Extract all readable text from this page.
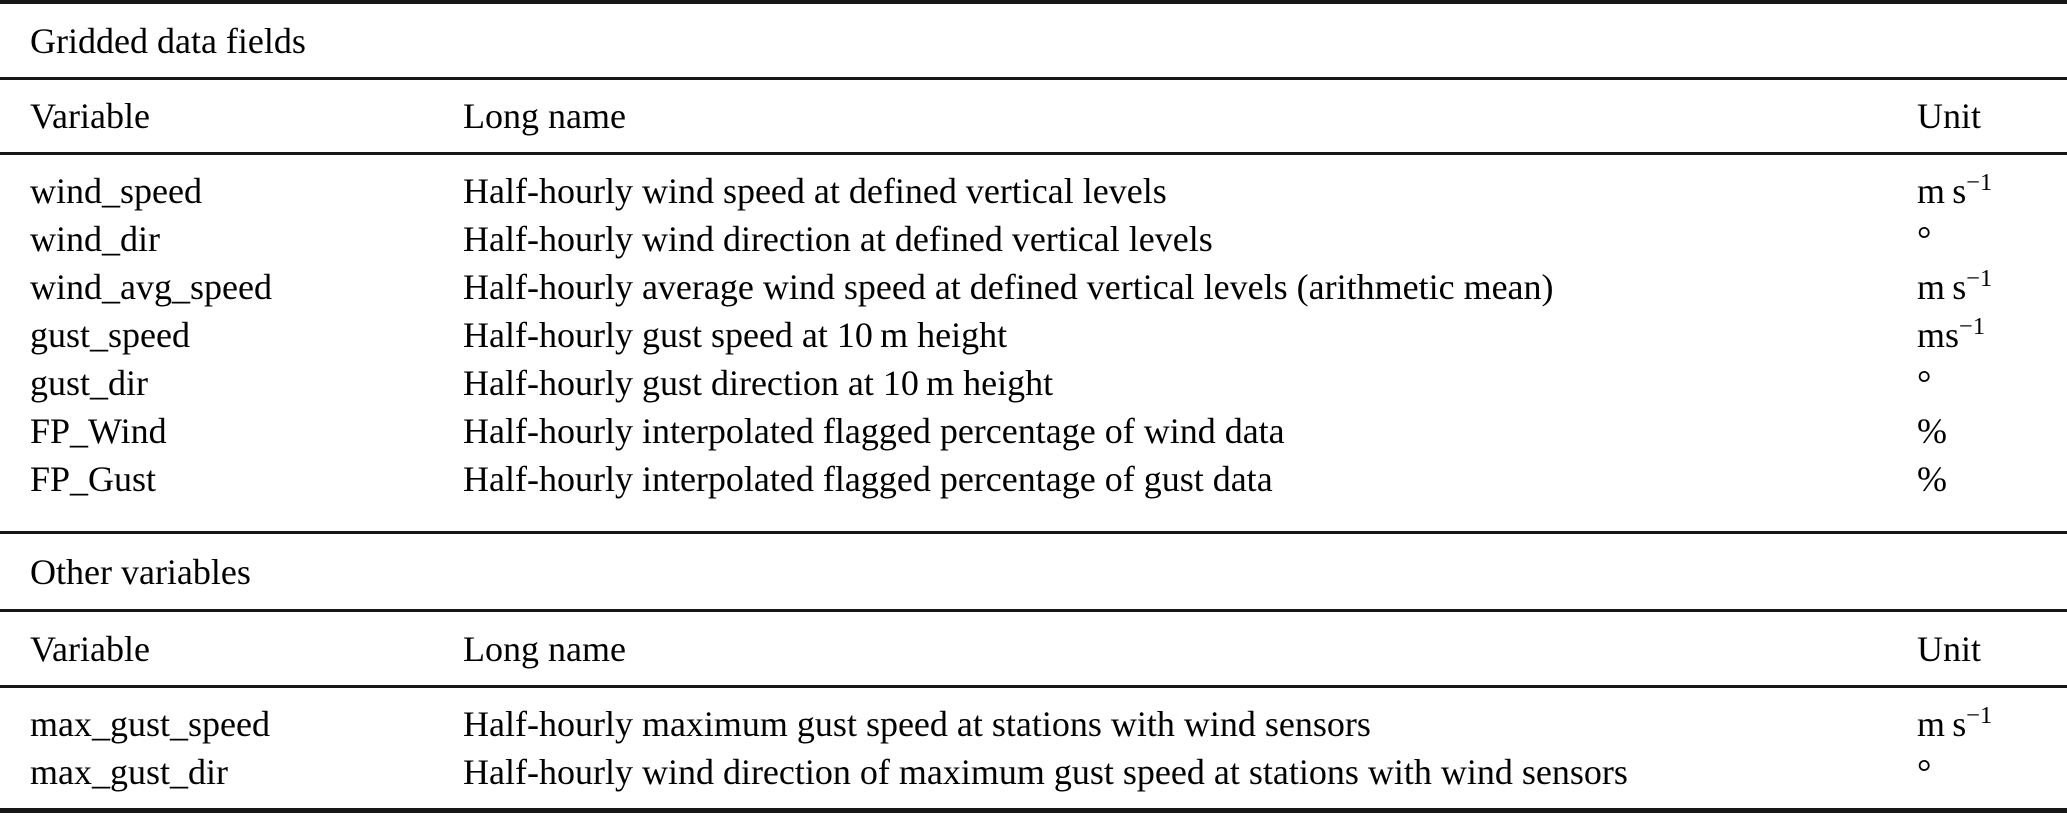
Gridded data fields
Variable	Long name	Unit
wind_speed	Half-hourly wind speed at defined vertical levels	m $s^{-1}$
wind_dir	Half-hourly wind direction at defined vertical levels	°
wind_avg_speed	Half-hourly average wind speed at defined vertical levels (arithmetic mean)	m $s^{-1}$
gust_speed	Half-hourly gust speed at 10 m height	$ms^{-1}$
gust_dir	Half-hourly gust direction at 10 m height	°
FP_Wind	Half-hourly interpolated flagged percentage of wind data	%
FP_Gust	Half-hourly interpolated flagged percentage of gust data	%
Other variables
Variable	Long name	Unit
max_gust_speed	Half-hourly maximum gust speed at stations with wind sensors	m $s^{-1}$
max_gust_dir	Half-hourly wind direction of maximum gust speed at stations with wind sensors	°
